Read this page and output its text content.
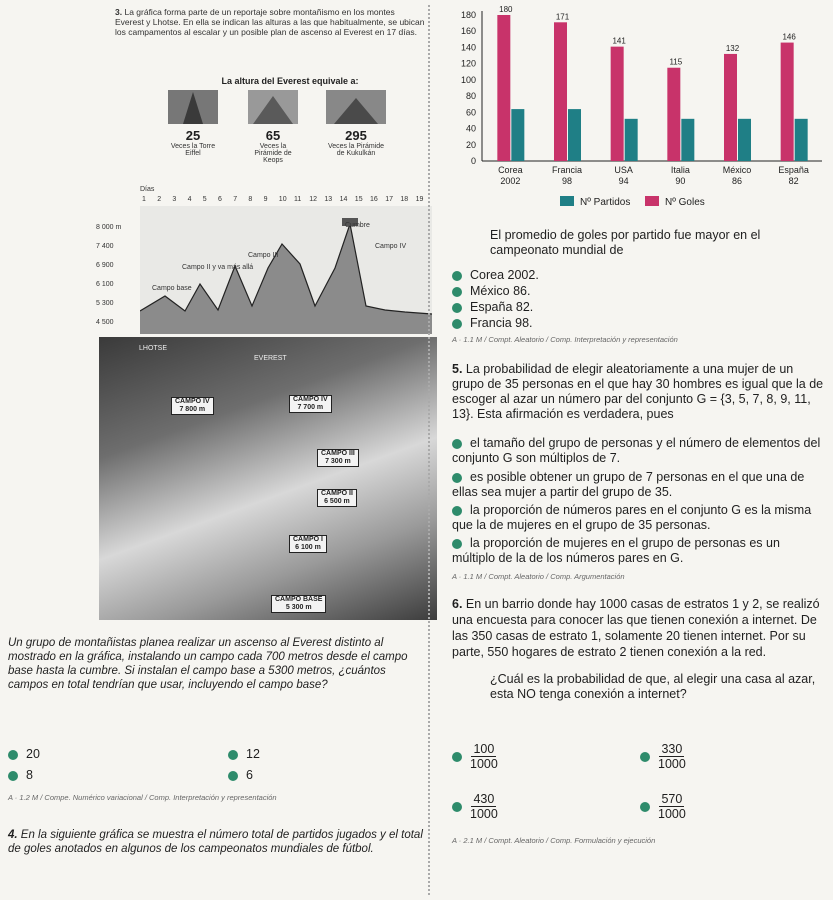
3. La gráfica forma parte de un reportaje sobre montañismo en los montes Everest y Lhotse. En ella se indican las alturas a las que habitualmente, se ubican los campamentos al escalar y un posible plan de ascenso al Everest en 17 días.
La altura del Everest equivale a:
25
Veces la Torre Eiffel
65
Veces la Pirámide de Keops
295
Veces la Pirámide de Kukulkán
Días
1 2 3 4 5 6 7 8 9 10 11 12 13 14 15 16 17 18 19
8 000 m
7 400
6 900
6 100
5 300
4 500
Cumbre
Campo III
Campo IV
Campo II y va más allá
Campo base
EVEREST
LHOTSE
CAMPO IV
7 800 m
CAMPO IV
7 700 m
CAMPO III
7 300 m
CAMPO II
6 500 m
CAMPO I
6 100 m
CAMPO BASE
5 300 m
Un grupo de montañistas planea realizar un ascenso al Everest distinto al mostrado en la gráfica, instalando un campo cada 700 metros desde el campo base hasta la cumbre. Si instalan el campo base a 5300 metros, ¿cuántos campos en total tendrían que usar, incluyendo el campo base?
20
8
12
6
A · 1.2 M / Compe. Numérico variacional / Comp. Interpretación y representación
4. En la siguiente gráfica se muestra el número total de partidos jugados y el total de goles anotados en algunos de los campeonatos mundiales de fútbol.
180
160
140
120
100
80
60
40
20
0
180
Corea
2002
171
Francia
98
141
USA
94
115
Italia
90
132
México
86
146
España
82
Nº Partidos	Nº Goles
El promedio de goles por partido fue mayor en el campeonato mundial de
Corea 2002.
México 86.
España 82.
Francia 98.
A · 1.1 M / Compt. Aleatorio / Comp. Interpretación y representación
5. La probabilidad de elegir aleatoriamente a una mujer de un grupo de 35 personas en el que hay 30 hombres es igual que la de escoger al azar un número par del conjunto G = {3, 5, 7, 8, 9, 11, 13}. Esta afirmación es verdadera, pues
el tamaño del grupo de personas y el número de elementos del conjunto G son múltiplos de 7.
es posible obtener un grupo de 7 personas en el que una de ellas sea mujer a partir del grupo de 35.
la proporción de números pares en el conjunto G es la misma que la de mujeres en el grupo de 35 personas.
la proporción de mujeres en el grupo de personas es un múltiplo de la de los números pares en G.
A · 1.1 M / Compt. Aleatorio / Comp. Argumentación
6. En un barrio donde hay 1000 casas de estratos 1 y 2, se realizó una encuesta para conocer las que tienen conexión a internet. De las 350 casas de estrato 1, solamente 20 tienen internet. Por su parte, 550 hogares de estrato 2 tienen conexión a la red.
¿Cuál es la probabilidad de que, al elegir una casa al azar, esta NO tenga conexión a internet?
$\frac{100}{1000}$	$\frac{330}{1000}$
$\frac{430}{1000}$	$\frac{570}{1000}$
A · 2.1 M / Compt. Aleatorio / Comp. Formulación y ejecución
